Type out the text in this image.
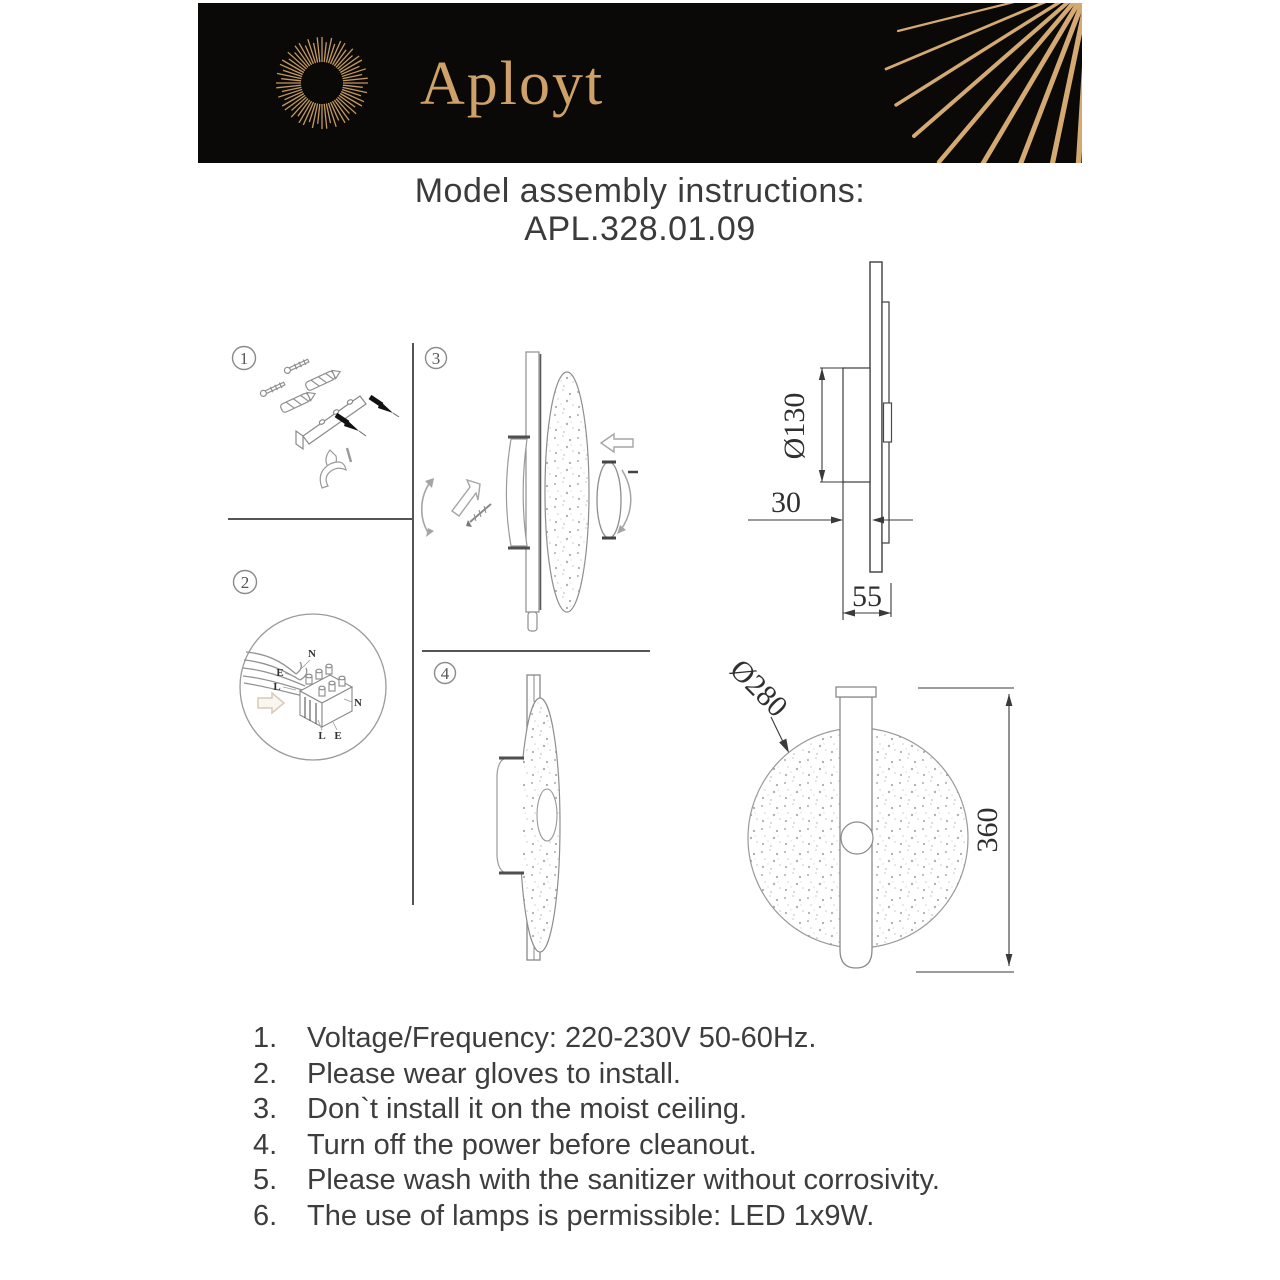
Aployt
Model assembly instructions:
APL.328.01.09
1
2
N
E
L
N
L E
3
4
Ø130
30
55
Ø280
360
1.	Voltage/Frequency: 220-230V 50-60Hz.
2.	Please wear gloves to install.
3.	Don`t install it on the moist ceiling.
4.	Turn off the power before cleanout.
5.	Please wash with the sanitizer without corrosivity.
6.	The use of lamps is permissible: LED 1x9W.
